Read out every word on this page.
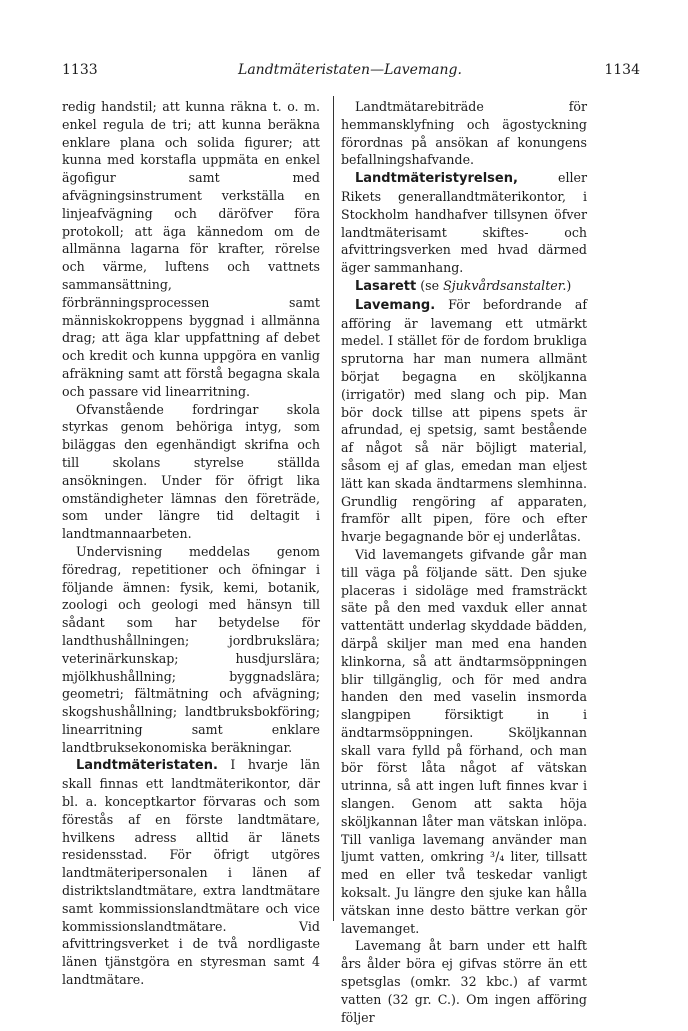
1133	Landtmäteristaten—Lavemang.	1134

redig handstil; att kunna räkna t. o. m. enkel regula de tri; att kunna beräkna enklare plana och solida figurer; att kunna med korstafla uppmäta en enkel ägofigur samt med afvägningsinstrument verkställa en linjeafvägning och däröfver föra protokoll; att äga kännedom om de allmänna lagarna för krafter, rörelse och värme, luftens och vattnets sammansättning, förbränningsprocessen samt människokroppens byggnad i allmänna drag; att äga klar uppfattning af debet och kredit och kunna uppgöra en vanlig afräkning samt att förstå begagna skala och passare vid linearritning.

Ofvanstående fordringar skola styrkas genom behöriga intyg, som biläggas den egenhändigt skrifna och till skolans styrelse ställda ansökningen. Under för öfrigt lika omständigheter lämnas den företräde, som under längre tid deltagit i landtmannaarbeten.

Undervisning meddelas genom föredrag, repetitioner och öfningar i följande ämnen: fysik, kemi, botanik, zoologi och geologi med hänsyn till sådant som har betydelse för landthushållningen; jordbrukslära; veterinärkunskap; husdjurslära; mjölkhushållning; byggnadslära; geometri; fältmätning och afvägning; skogshushållning; landtbruksbokföring; linearritning samt enklare landtbruksekonomiska beräkningar.

Landtmäteristaten. I hvarje län skall finnas ett landtmäterikontor, där bl. a. konceptkartor förvaras och som förestås af en förste landtmätare, hvilkens adress alltid är länets residensstad. För öfrigt utgöres landtmäteripersonalen i länen af distriktslandtmätare, extra landtmätare samt kommissionslandtmätare och vice kommissionslandtmätare. Vid afvittringsverket i de två nordligaste länen tjänstgöra en styresman samt 4 landtmätare.

Landtmätarebiträde för hemmansklyfning och ägostyckning förordnas på ansökan af konungens befallningshafvande.

Landtmäteristyrelsen, eller Rikets generallandtmäterikontor, i Stockholm handhafver tillsynen öfver landtmäterisamt skiftes- och afvittringsverken med hvad därmed äger sammanhang.

Lasarett (se Sjukvårdsanstalter.)

Lavemang. För befordrande af afföring är lavemang ett utmärkt medel. I stället för de fordom brukliga sprutorna har man numera allmänt börjat begagna en sköljkanna (irrigatör) med slang och pip. Man bör dock tillse att pipens spets är afrundad, ej spetsig, samt bestående af något så när böjligt material, såsom ej af glas, emedan man eljest lätt kan skada ändtarmens slemhinna. Grundlig rengöring af apparaten, framför allt pipen, före och efter hvarje begagnande bör ej underlåtas.

Vid lavemangets gifvande går man till väga på följande sätt. Den sjuke placeras i sidoläge med framsträckt säte på den med vaxduk eller annat vattentätt underlag skyddade bädden, därpå skiljer man med ena handen klinkorna, så att ändtarmsöppningen blir tillgänglig, och för med andra handen den med vaselin insmorda slangpipen försiktigt in i ändtarmsöppningen. Sköljkannan skall vara fylld på förhand, och man bör först låta något af vätskan utrinna, så att ingen luft finnes kvar i slangen. Genom att sakta höja sköljkannan låter man vätskan inlöpa. Till vanliga lavemang använder man ljumt vatten, omkring ³/₄ liter, tillsatt med en eller två teskedar vanligt koksalt. Ju längre den sjuke kan hålla vätskan inne desto bättre verkan gör lavemanget.

Lavemang åt barn under ett halft års ålder böra ej gifvas större än ett spetsglas (omkr. 32 kbc.) af varmt vatten (32 gr. C.). Om ingen afföring följer
